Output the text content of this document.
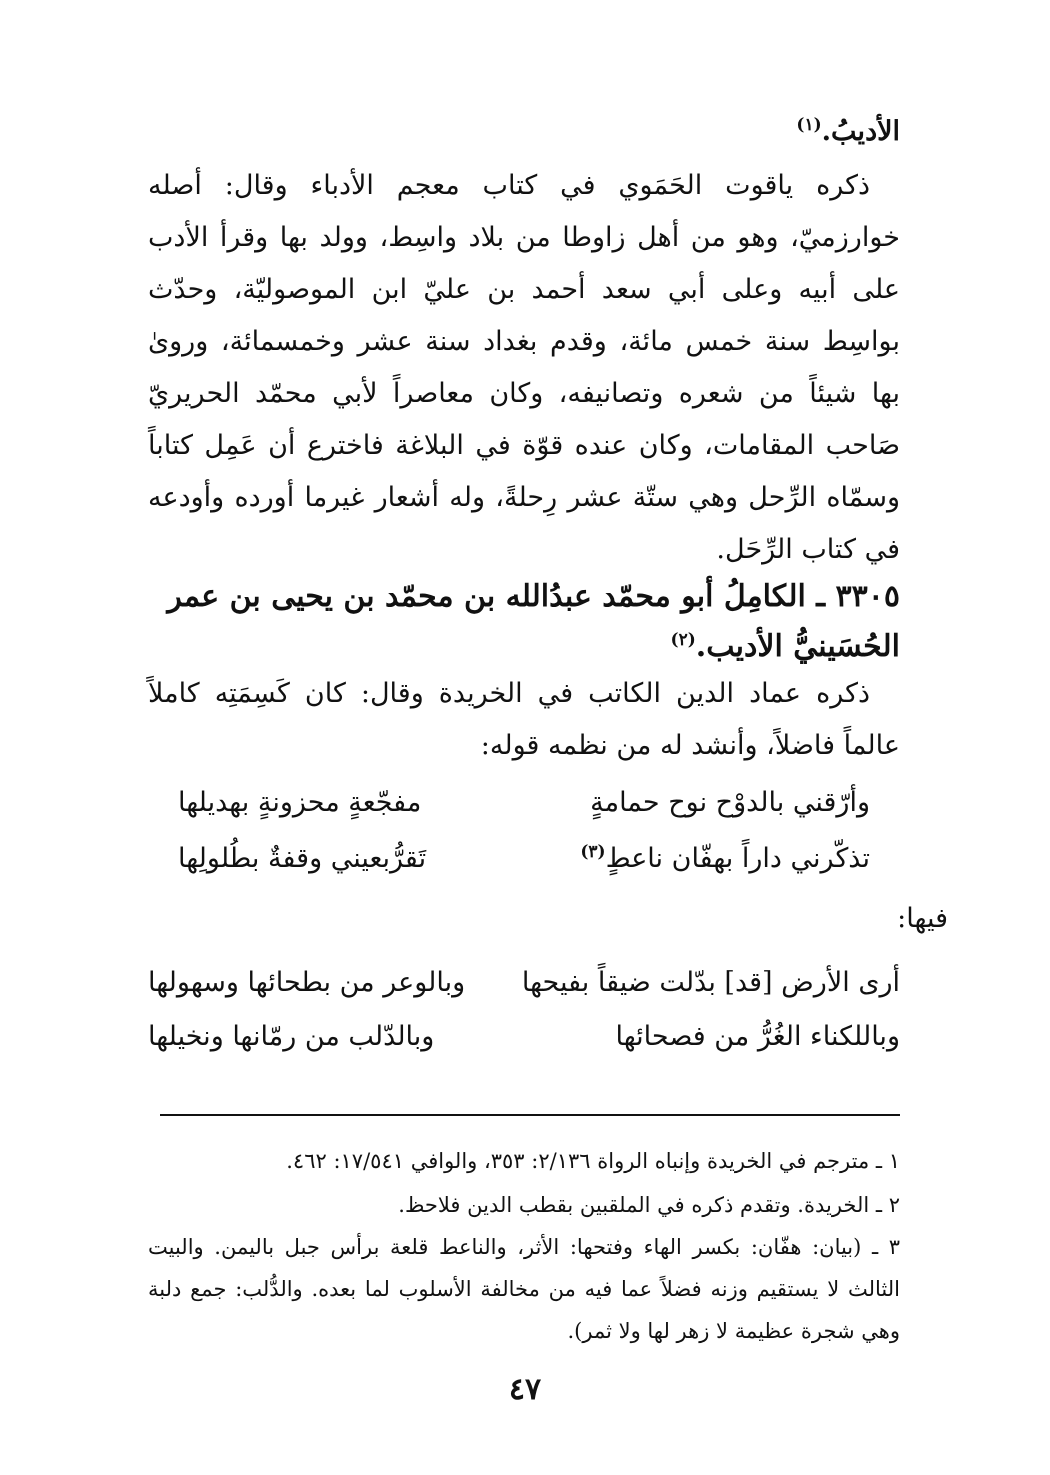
الأديبُ.$^{(١)}$

ذكره ياقوت الحَمَوي في كتاب معجم الأدباء وقال: أصله خوارزميّ، وهو من أهل زاوطا من بلاد واسِط، وولد بها وقرأ الأدب على أبيه وعلى أبي سعد أحمد بن عليّ ابن الموصوليّة، وحدّث بواسِط سنة خمس مائة، وقدم بغداد سنة عشر وخمسمائة، وروىٰ بها شيئاً من شعره وتصانيفه، وكان معاصراً لأبي محمّد الحريريّ صَاحب المقامات، وكان عنده قوّة في البلاغة فاخترع أن عَمِل كتاباً وسمّاه الرِّحل وهي ستّة عشر رِحلةً، وله أشعار غيرما أورده وأودعه في كتاب الرِّحَل.

٣٣٠٥ ـ الكامِلُ أبو محمّد عبدُالله بن محمّد بن يحيى بن عمر الحُسَينيُّ الأديب.$^{(٢)}$

ذكره عماد الدين الكاتب في الخريدة وقال: كان كَسِمَتِه كاملاً عالماً فاضلاً، وأنشد له من نظمه قوله:

وأرّقني بالدوْح نوح حمامةٍ
مفجّعةٍ محزونةٍ بهديلها
تذكّرني داراً بهفّان ناعطٍ$^{(٣)}$
تَقرُّبعيني وقفةٌ بطُلولِها
فيها:
أرى الأرض [قد] بدّلت ضيقاً بفيحها
وبالوعر من بطحائها وسهولها
وباللكناء الغُرُّ من فصحائها
وبالدّلب من رمّانها ونخيلها

١ ـ مترجم في الخريدة وإنباه الرواة ٢/١٣٦: ٣٥٣، والوافي ١٧/٥٤١: ٤٦٢.

٢ ـ الخريدة. وتقدم ذكره في الملقبين بقطب الدين فلاحظ.

٣ ـ (بيان: هفّان: بكسر الهاء وفتحها: الأثر، والناعط قلعة برأس جبل باليمن. والبيت الثالث لا يستقيم وزنه فضلاً عما فيه من مخالفة الأسلوب لما بعده. والدُّلب: جمع دلبة وهي شجرة عظيمة لا زهر لها ولا ثمر).

٤٧
